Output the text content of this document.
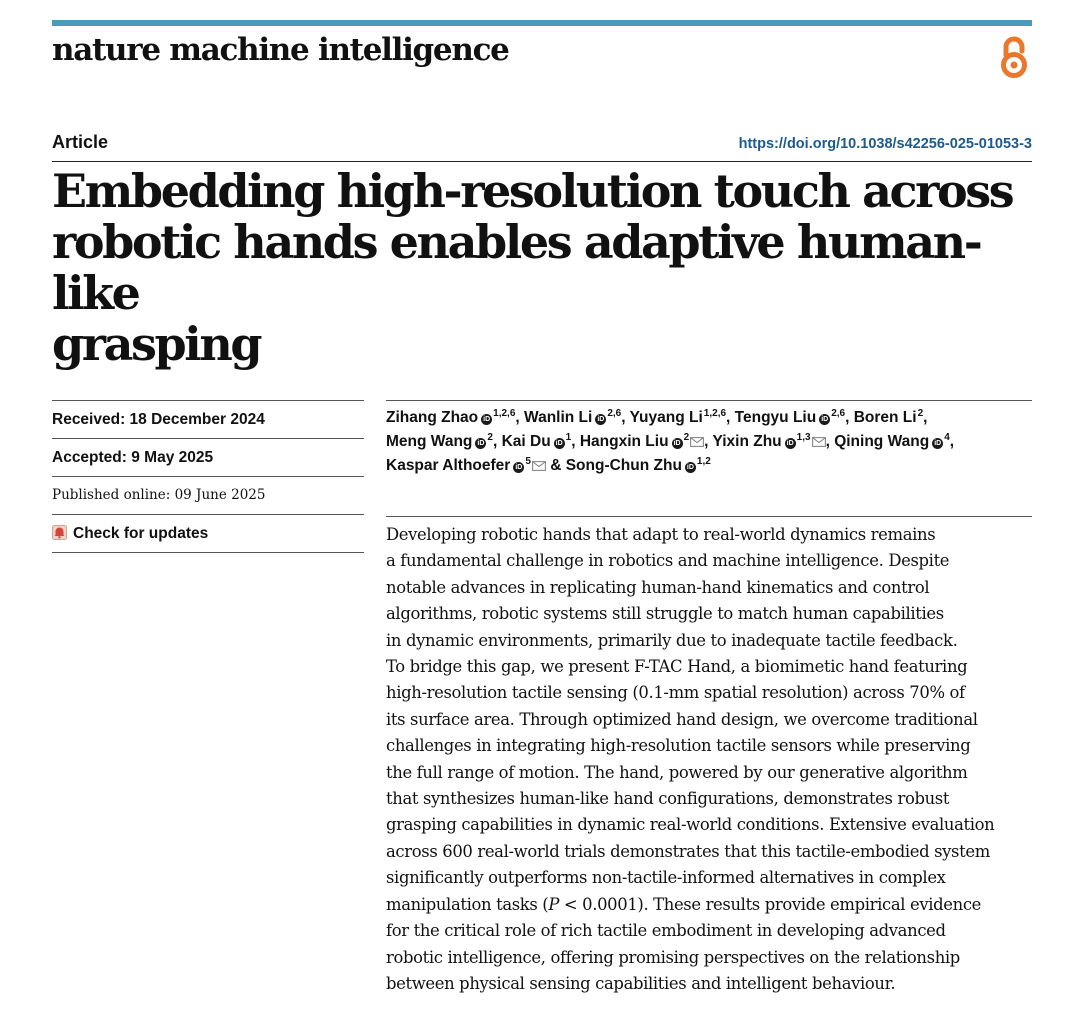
nature machine intelligence
Article	https://doi.org/10.1038/s42256-025-01053-3
Embedding high-resolution touch across
robotic hands enables adaptive human-like
grasping
Received: 18 December 2024
Accepted: 9 May 2025
Published online: 09 June 2025
Check for updates
Zihang Zhao iD$^{1,2,6}$, Wanlin Li iD$^{2,6}$, Yuyang Li$^{1,2,6}$, Tengyu Liu iD$^{2,6}$, Boren Li$^2$, Meng Wang iD$^2$, Kai Du iD$^1$, Hangxin Liu iD$^2$ , Yixin Zhu iD$^{1,3}$ , Qining Wang iD$^4$, Kaspar Althoefer iD$^5$ & Song-Chun Zhu iD$^{1,2}$

Developing robotic hands that adapt to real-world dynamics remains
a fundamental challenge in robotics and machine intelligence. Despite
notable advances in replicating human-hand kinematics and control
algorithms, robotic systems still struggle to match human capabilities
in dynamic environments, primarily due to inadequate tactile feedback.
To bridge this gap, we present F-TAC Hand, a biomimetic hand featuring
high-resolution tactile sensing (0.1-mm spatial resolution) across 70% of
its surface area. Through optimized hand design, we overcome traditional
challenges in integrating high-resolution tactile sensors while preserving
the full range of motion. The hand, powered by our generative algorithm
that synthesizes human-like hand configurations, demonstrates robust
grasping capabilities in dynamic real-world conditions. Extensive evaluation
across 600 real-world trials demonstrates that this tactile-embodied system
significantly outperforms non-tactile-informed alternatives in complex
manipulation tasks (P < 0.0001). These results provide empirical evidence
for the critical role of rich tactile embodiment in developing advanced
robotic intelligence, offering promising perspectives on the relationship
between physical sensing capabilities and intelligent behaviour.
